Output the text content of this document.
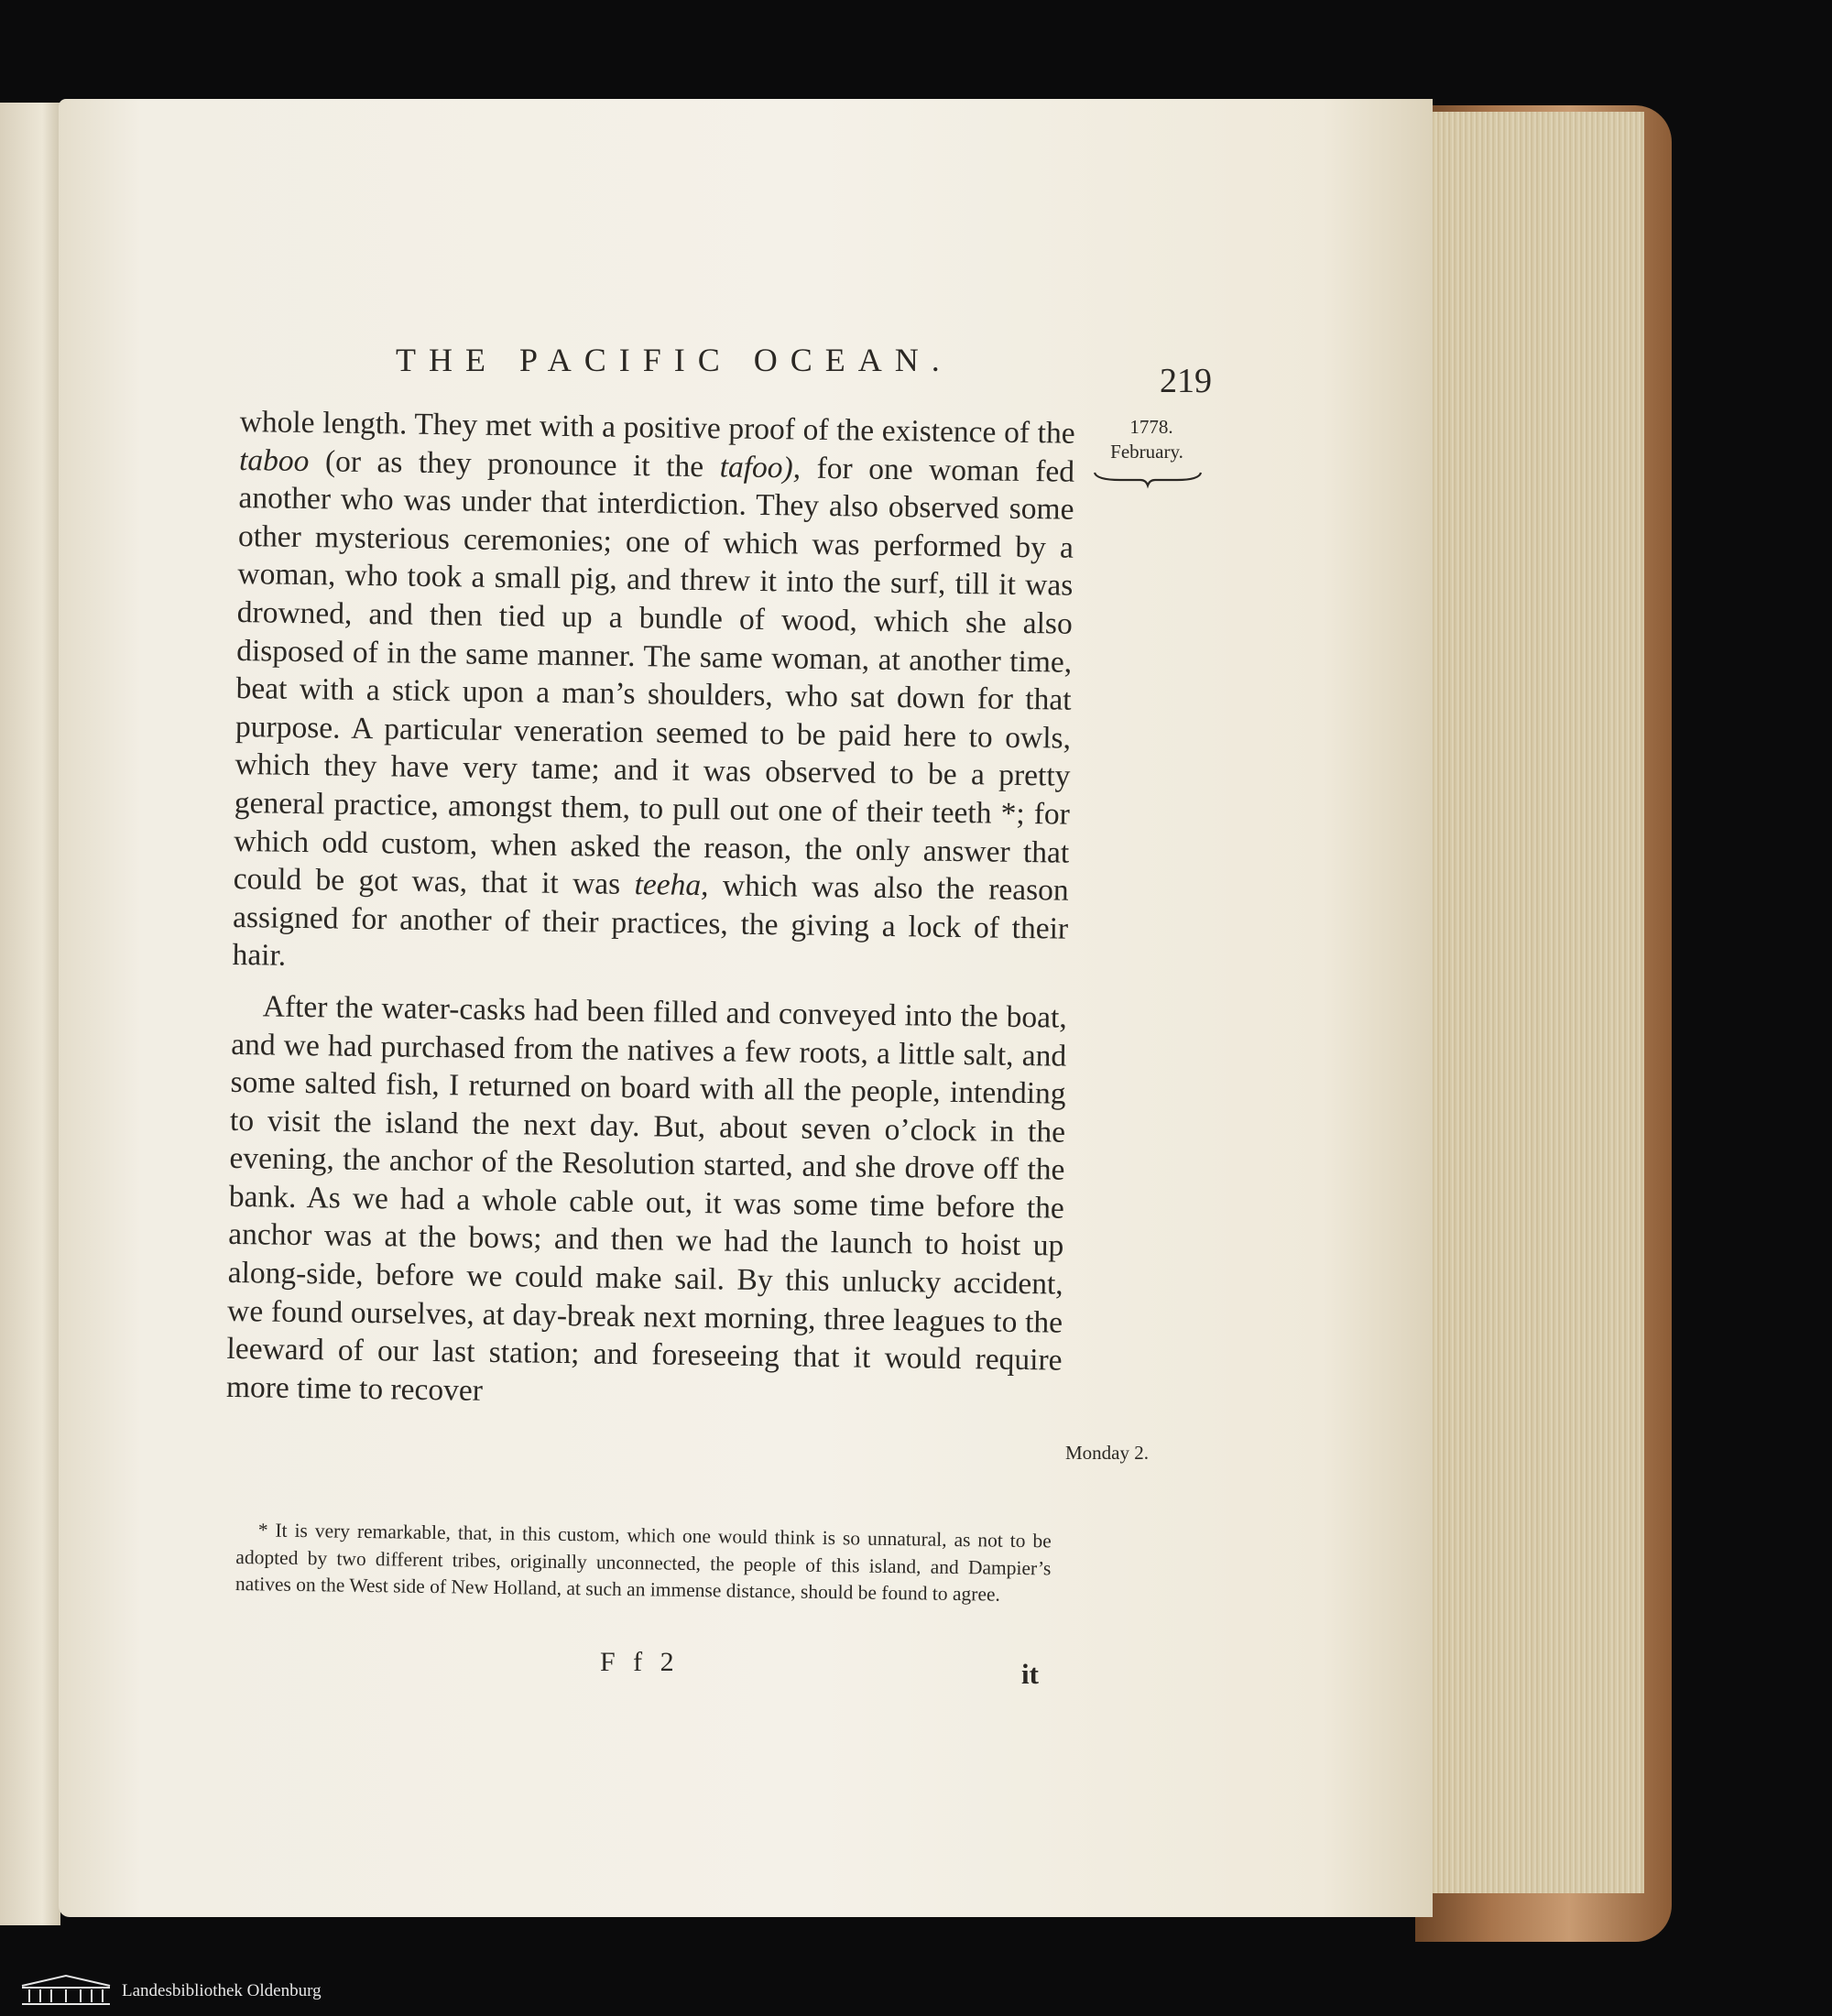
THE PACIFIC OCEAN.
219
1778.
February.
Monday 2.

whole length. They met with a positive proof of the existence of the taboo (or as they pronounce it the tafoo), for one woman fed another who was under that interdiction. They also observed some other mysterious ceremonies; one of which was performed by a woman, who took a small pig, and threw it into the surf, till it was drowned, and then tied up a bundle of wood, which she also disposed of in the same manner. The same woman, at another time, beat with a stick upon a man’s shoulders, who sat down for that purpose. A particular veneration seemed to be paid here to owls, which they have very tame; and it was observed to be a pretty general practice, amongst them, to pull out one of their teeth *; for which odd custom, when asked the reason, the only answer that could be got was, that it was teeha, which was also the reason assigned for another of their practices, the giving a lock of their hair.

After the water-casks had been filled and conveyed into the boat, and we had purchased from the natives a few roots, a little salt, and some salted fish, I returned on board with all the people, intending to visit the island the next day. But, about seven o’clock in the evening, the anchor of the Resolution started, and she drove off the bank. As we had a whole cable out, it was some time before the anchor was at the bows; and then we had the launch to hoist up along-side, before we could make sail. By this unlucky accident, we found ourselves, at day-break next morning, three leagues to the leeward of our last station; and foreseeing that it would require more time to recover

* It is very remarkable, that, in this custom, which one would think is so unnatural, as not to be adopted by two different tribes, originally unconnected, the people of this island, and Dampier’s natives on the West side of New Holland, at such an immense distance, should be found to agree.

F f 2	it
Landesbibliothek Oldenburg
